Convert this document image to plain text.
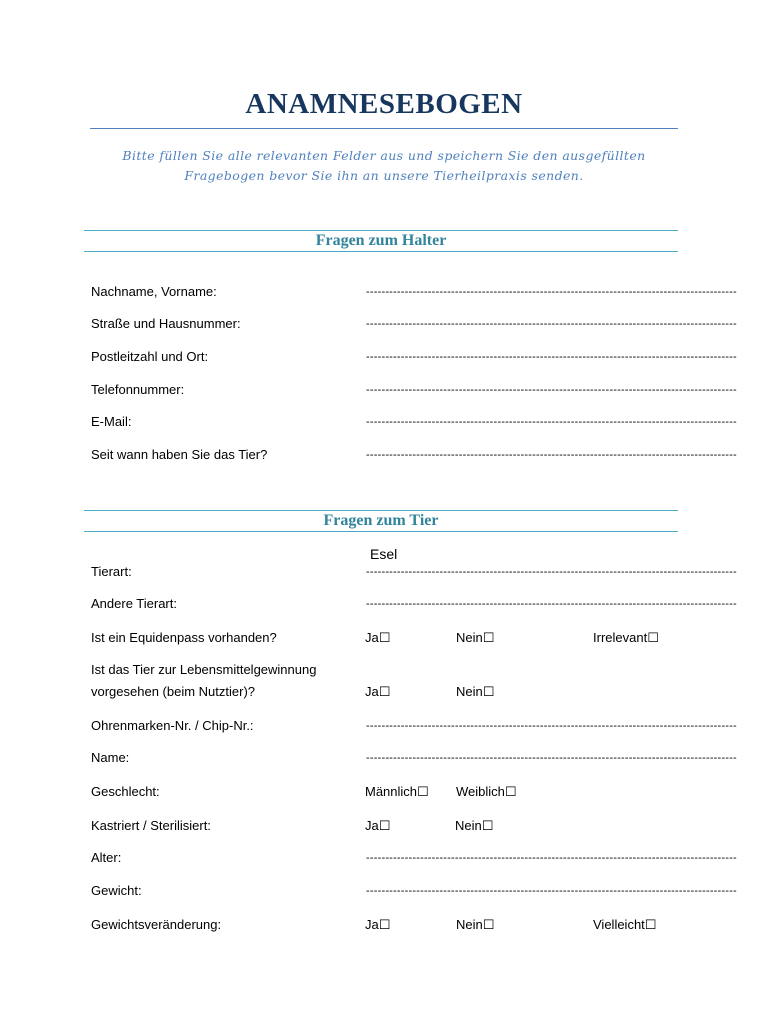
ANAMNESEBOGEN

Bitte füllen Sie alle relevanten Felder aus und speichern Sie den ausgefüllten
Fragebogen bevor Sie ihn an unsere Tierheilpraxis senden.

Fragen zum Halter
Nachname, Vorname:	------------------------------------------------------------------------------------------------
Straße und Hausnummer:	------------------------------------------------------------------------------------------------
Postleitzahl und Ort:	------------------------------------------------------------------------------------------------
Telefonnummer:	------------------------------------------------------------------------------------------------
E-Mail:	------------------------------------------------------------------------------------------------
Seit wann haben Sie das Tier?	------------------------------------------------------------------------------------------------
Fragen zum Tier
Esel
Tierart:	------------------------------------------------------------------------------------------------
Andere Tierart:	------------------------------------------------------------------------------------------------
Ist ein Equidenpass vorhanden?	Ja☐	Nein☐	Irrelevant☐
Ist das Tier zur Lebensmittelgewinnung
vorgesehen (beim Nutztier)?	Ja☐	Nein☐
Ohrenmarken-Nr. / Chip-Nr.:	------------------------------------------------------------------------------------------------
Name:	------------------------------------------------------------------------------------------------
Geschlecht:	Männlich☐ Weiblich☐
Kastriert / Sterilisiert:	Ja☐	Nein☐
Alter:	------------------------------------------------------------------------------------------------
Gewicht:	------------------------------------------------------------------------------------------------
Gewichtsveränderung:	Ja☐	Nein☐	Vielleicht☐
